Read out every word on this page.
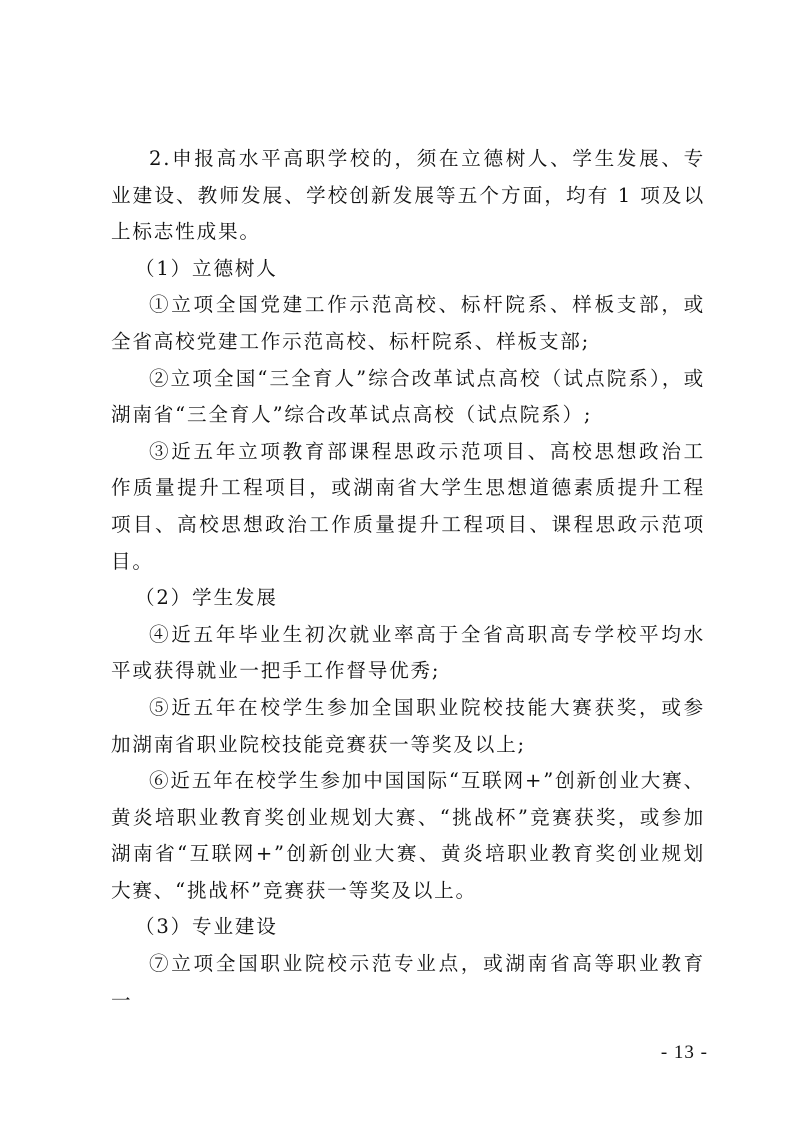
2.申报高水平高职学校的，须在立德树人、学生发展、专业建设、教师发展、学校创新发展等五个方面，均有 1 项及以上标志性成果。

（1）立德树人

①立项全国党建工作示范高校、标杆院系、样板支部，或全省高校党建工作示范高校、标杆院系、样板支部;

②立项全国“三全育人”综合改革试点高校（试点院系），或湖南省“三全育人”综合改革试点高校（试点院系）;

③近五年立项教育部课程思政示范项目、高校思想政治工作质量提升工程项目，或湖南省大学生思想道德素质提升工程项目、高校思想政治工作质量提升工程项目、课程思政示范项目。

（2）学生发展

④近五年毕业生初次就业率高于全省高职高专学校平均水平或获得就业一把手工作督导优秀;

⑤近五年在校学生参加全国职业院校技能大赛获奖，或参加湖南省职业院校技能竞赛获一等奖及以上;

⑥近五年在校学生参加中国国际“互联网+”创新创业大赛、黄炎培职业教育奖创业规划大赛、“挑战杯”竞赛获奖，或参加湖南省“互联网+”创新创业大赛、黄炎培职业教育奖创业规划大赛、“挑战杯”竞赛获一等奖及以上。

（3）专业建设

⑦立项全国职业院校示范专业点，或湖南省高等职业教育一

- 13 -
